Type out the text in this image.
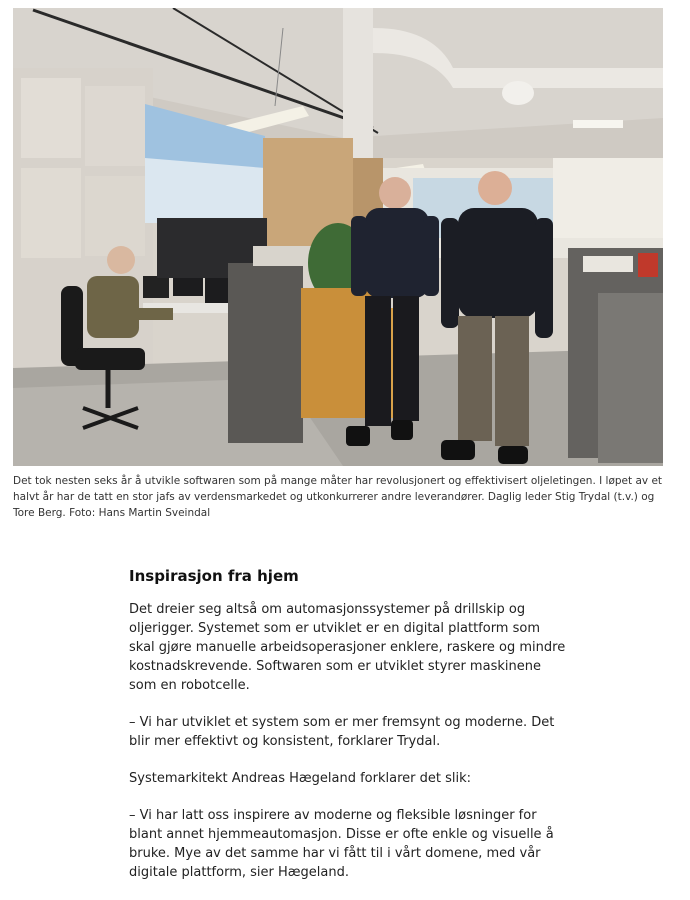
Det tok nesten seks år å utvikle softwaren som på mange måter har revolusjonert og effektivisert oljeletingen. I løpet av et halvt år har de tatt en stor jafs av verdensmarkedet og utkonkurrerer andre leverandører. Daglig leder Stig Trydal (t.v.) og Tore Berg. Foto: Hans Martin Sveindal
Inspirasjon fra hjem

Det dreier seg altså om automasjonssystemer på drillskip og oljerigger. Systemet som er utviklet er en digital plattform som skal gjøre manuelle arbeidsoperasjoner enklere, raskere og mindre kostnadskrevende. Softwaren som er utviklet styrer maskinene som en robotcelle.

– Vi har utviklet et system som er mer fremsynt og moderne. Det blir mer effektivt og konsistent, forklarer Trydal.

Systemarkitekt Andreas Hægeland forklarer det slik:

– Vi har latt oss inspirere av moderne og fleksible løsninger for blant annet hjemmeautomasjon. Disse er ofte enkle og visuelle å bruke. Mye av det samme har vi fått til i vårt domene, med vår digitale plattform, sier Hægeland.
